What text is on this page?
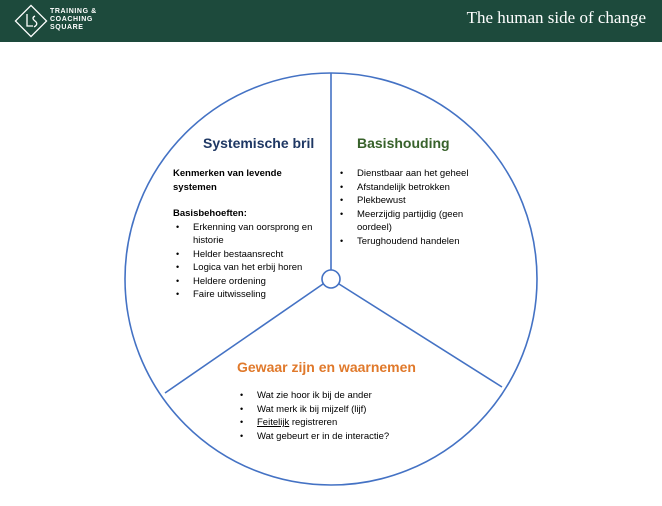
TRAINING &
COACHING
SQUARE
The human side of change
Systemische bril
Kenmerken van levende systemen
Basisbehoeften:
• Erkenning van oorsprong en historie
• Helder bestaansrecht
• Logica van het erbij horen
• Heldere ordening
• Faire uitwisseling
Basishouding
• Dienstbaar aan het geheel
• Afstandelijk betrokken
• Plekbewust
• Meerzijdig partijdig (geen oordeel)
• Terughoudend handelen
Gewaar zijn en waarnemen
• Wat zie hoor ik bij de ander
• Wat merk ik bij mijzelf (lijf)
• Feitelijk registreren
• Wat gebeurt er in de interactie?
